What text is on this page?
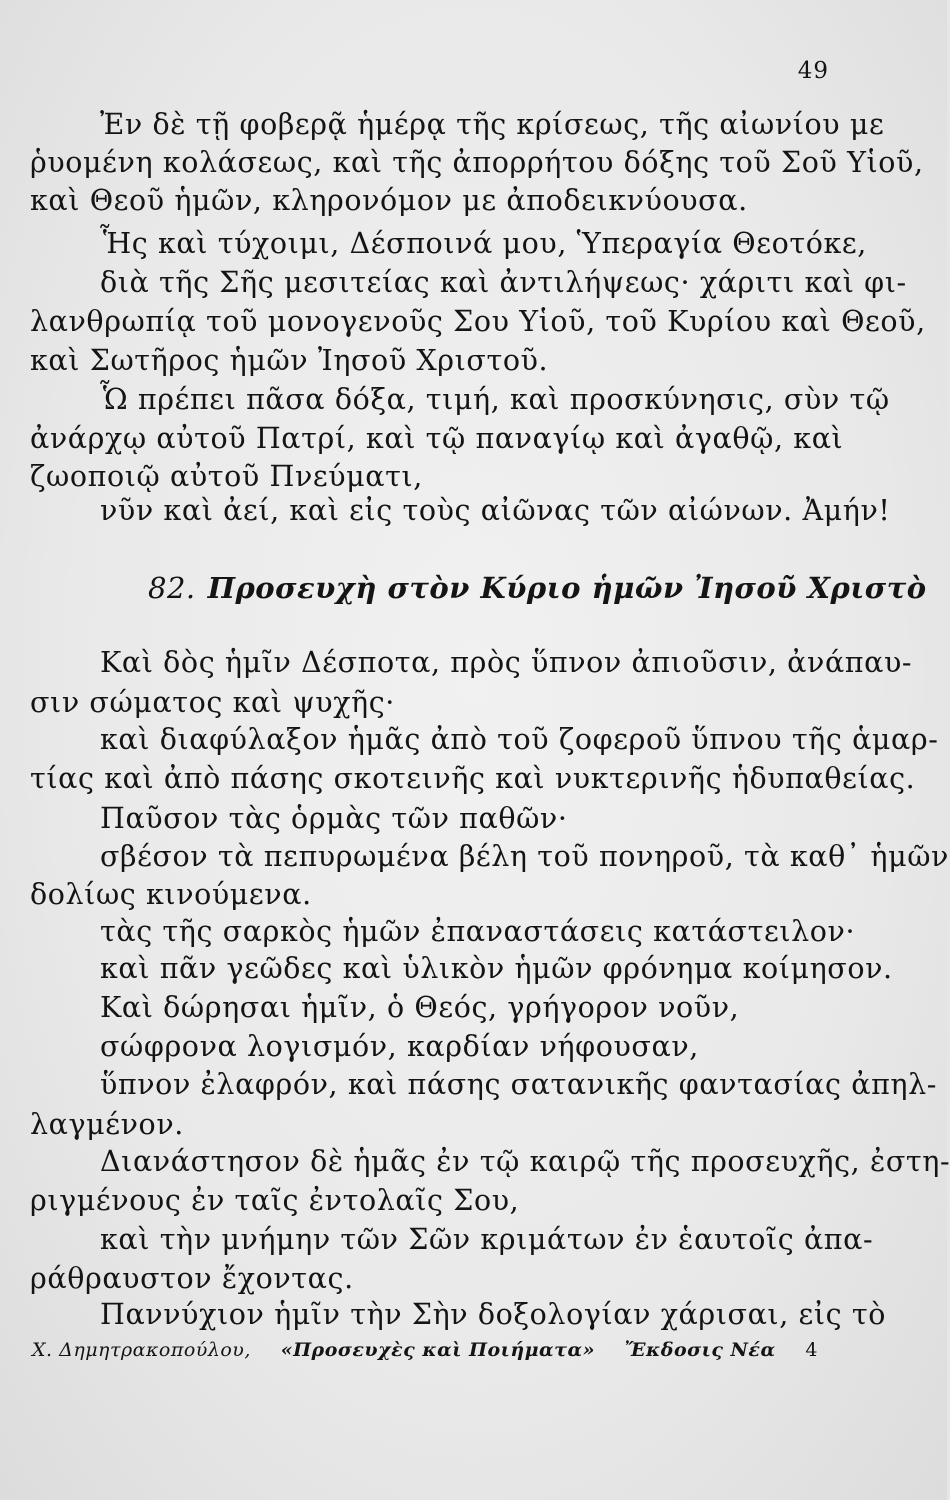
49
Ἐν δὲ τῇ φοβερᾷ ἡμέρᾳ τῆς κρίσεως, τῆς αἰωνίου με
ῥυομένη κολάσεως, καὶ τῆς ἀπορρήτου δόξης τοῦ Σοῦ Υἱοῦ,
καὶ Θεοῦ ἡμῶν, κληρονόμον με ἀποδεικνύουσα.
Ἧς καὶ τύχοιμι, Δέσποινά μου, Ὑπεραγία Θεοτόκε,
διὰ τῆς Σῆς μεσιτείας καὶ ἀντιλήψεως· χάριτι καὶ φι-
λανθρωπίᾳ τοῦ μονογενοῦς Σου Υἱοῦ, τοῦ Κυρίου καὶ Θεοῦ,
καὶ Σωτῆρος ἡμῶν Ἰησοῦ Χριστοῦ.
Ὧ πρέπει πᾶσα δόξα, τιμή, καὶ προσκύνησις, σὺν τῷ
ἀνάρχῳ αὐτοῦ Πατρί, καὶ τῷ παναγίῳ καὶ ἀγαθῷ, καὶ
ζωοποιῷ αὐτοῦ Πνεύματι,
νῦν καὶ ἀεί, καὶ εἰς τοὺς αἰῶνας τῶν αἰώνων. Ἀμήν!
82. Προσευχὴ στὸν Κύριο ἡμῶν Ἰησοῦ Χριστὸ
Καὶ δὸς ἡμῖν Δέσποτα, πρὸς ὕπνον ἀπιοῦσιν, ἀνάπαυ-
σιν σώματος καὶ ψυχῆς·
καὶ διαφύλαξον ἡμᾶς ἀπὸ τοῦ ζοφεροῦ ὕπνου τῆς ἁμαρ-
τίας καὶ ἀπὸ πάσης σκοτεινῆς καὶ νυκτερινῆς ἡδυπαθείας.
Παῦσον τὰς ὁρμὰς τῶν παθῶν·
σβέσον τὰ πεπυρωμένα βέλη τοῦ πονηροῦ, τὰ καθ᾽ ἡμῶν
δολίως κινούμενα.
τὰς τῆς σαρκὸς ἡμῶν ἐπαναστάσεις κατάστειλον·
καὶ πᾶν γεῶδες καὶ ὑλικὸν ἡμῶν φρόνημα κοίμησον.
Καὶ δώρησαι ἡμῖν, ὁ Θεός, γρήγορον νοῦν,
σώφρονα λογισμόν, καρδίαν νήφουσαν,
ὕπνον ἐλαφρόν, καὶ πάσης σατανικῆς φαντασίας ἀπηλ-
λαγμένον.
Διανάστησον δὲ ἡμᾶς ἐν τῷ καιρῷ τῆς προσευχῆς, ἐστη-
ριγμένους ἐν ταῖς ἐντολαῖς Σου,
καὶ τὴν μνήμην τῶν Σῶν κριμάτων ἐν ἑαυτοῖς ἀπα-
ράθραυστον ἔχοντας.
Παννύχιον ἡμῖν τὴν Σὴν δοξολογίαν χάρισαι, εἰς τὸ
Χ. Δημητρακοπούλου, «Προσευχὲς καὶ Ποιήματα» Ἔκδοσις Νέα 4
